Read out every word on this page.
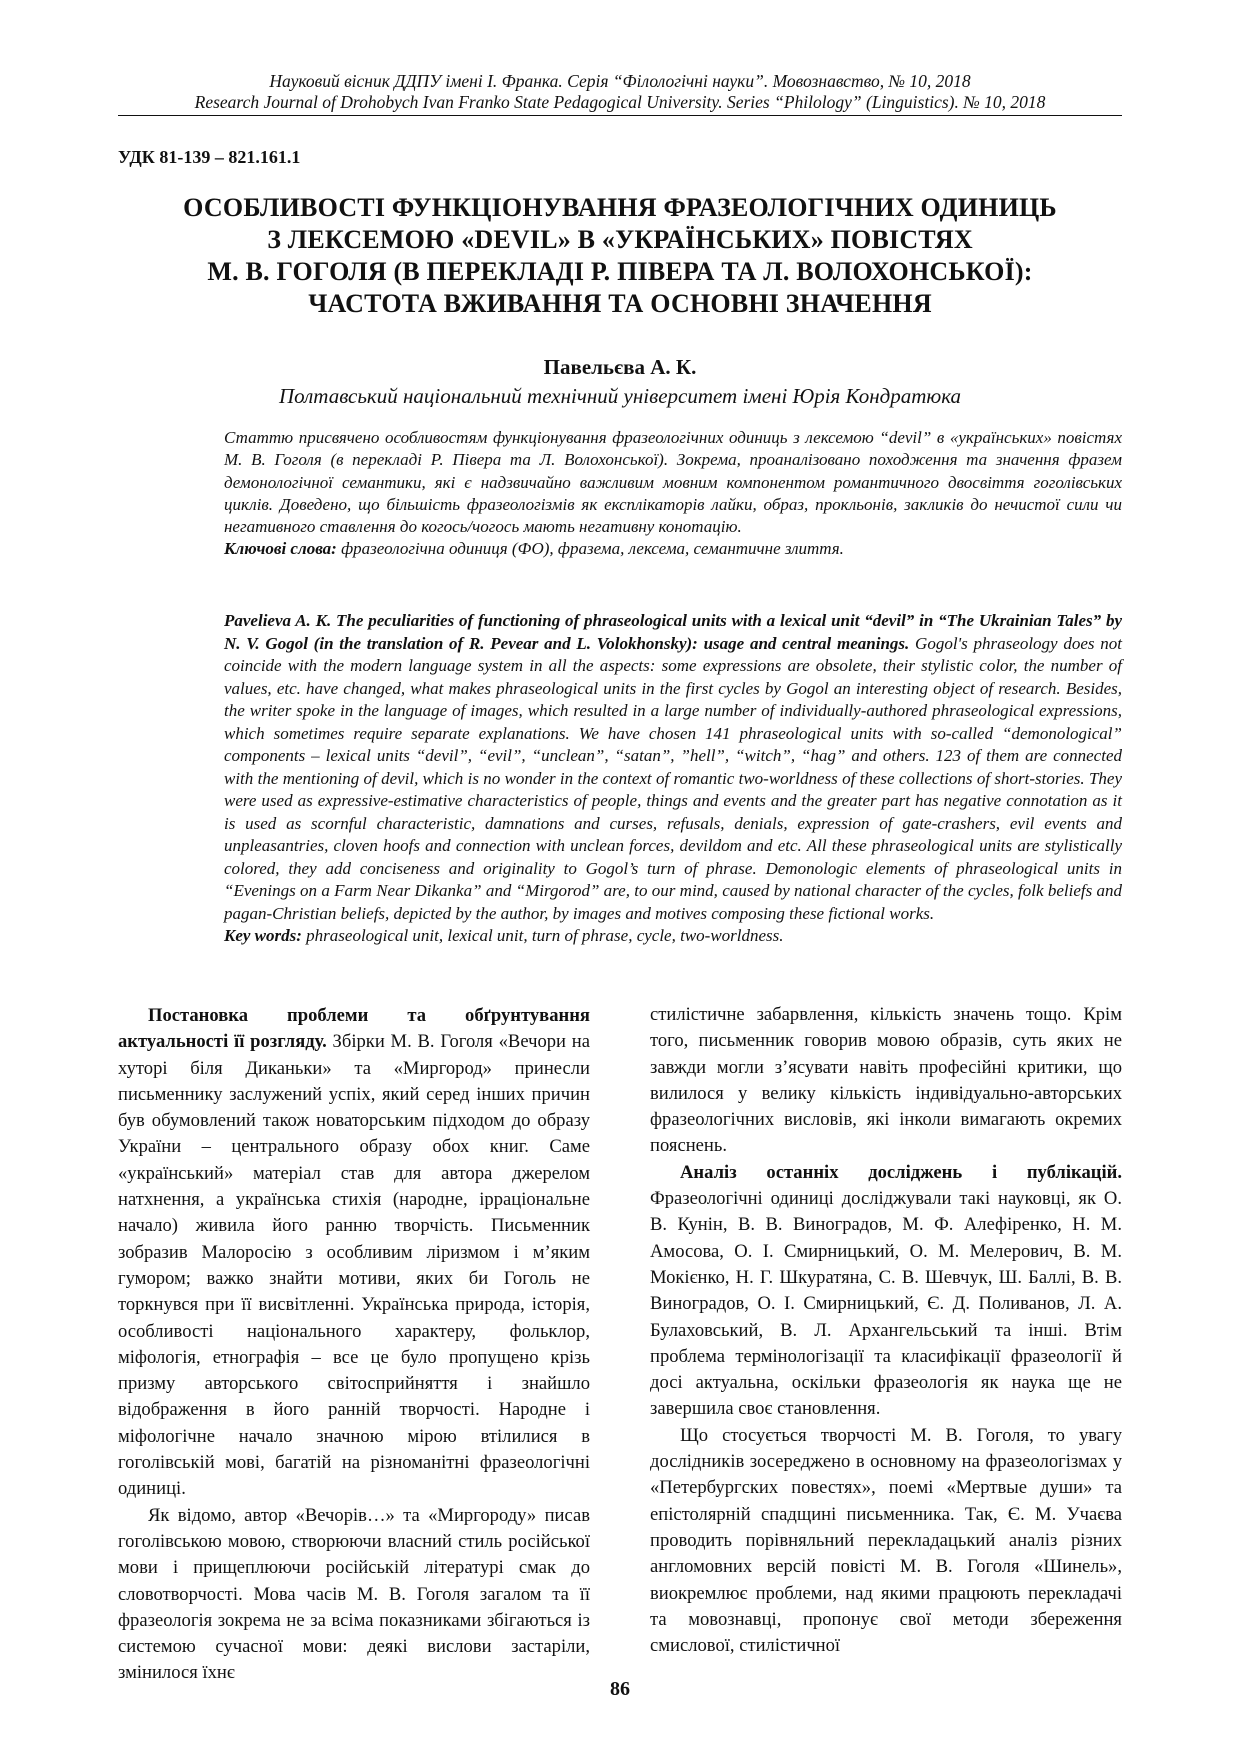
Науковий вісник ДДПУ імені І. Франка. Серія “Філологічні науки”. Мовознавство, № 10, 2018
Research Journal of Drohobych Ivan Franko State Pedagogical University. Series “Philology” (Linguistics). № 10, 2018
УДК 81-139 – 821.161.1
ОСОБЛИВОСТІ ФУНКЦІОНУВАННЯ ФРАЗЕОЛОГІЧНИХ ОДИНИЦЬ
З ЛЕКСЕМОЮ «DEVIL» В «УКРАЇНСЬКИХ» ПОВІСТЯХ
М. В. ГОГОЛЯ (В ПЕРЕКЛАДІ Р. ПІВЕРА ТА Л. ВОЛОХОНСЬКОЇ):
ЧАСТОТА ВЖИВАННЯ ТА ОСНОВНІ ЗНАЧЕННЯ
Павельєва А. К.
Полтавський національний технічний університет імені Юрія Кондратюка
Статтю присвячено особливостям функціонування фразеологічних одиниць з лексемою “devil” в «українських» повістях М. В. Гоголя (в перекладі Р. Півера та Л. Волохонської). Зокрема, проаналізовано походження та значення фразем демонологічної семантики, які є надзвичайно важливим мовним компонентом романтичного двосвіття гоголівських циклів. Доведено, що більшість фразеологізмів як експлікаторів лайки, образ, прокльонів, закликів до нечистої сили чи негативного ставлення до когось/чогось мають негативну конотацію.
Ключові слова: фразеологічна одиниця (ФО), фразема, лексема, семантичне злиття.
Pavelieva A. K. The peculiarities of functioning of phraseological units with a lexical unit “devil” in “The Ukrainian Tales” by N. V. Gogol (in the translation of R. Pevear and L. Volokhonsky): usage and central meanings. Gogol's phraseology does not coincide with the modern language system in all the aspects: some expressions are obsolete, their stylistic color, the number of values, etc. have changed, what makes phraseological units in the first cycles by Gogol an interesting object of research. Besides, the writer spoke in the language of images, which resulted in a large number of individually-authored phraseological expressions, which sometimes require separate explanations. We have chosen 141 phraseological units with so-called “demonological” components – lexical units “devil”, “evil”, “unclean”, “satan”, ”hell”, “witch”, “hag” and others. 123 of them are connected with the mentioning of devil, which is no wonder in the context of romantic two-worldness of these collections of short-stories. They were used as expressive-estimative characteristics of people, things and events and the greater part has negative connotation as it is used as scornful characteristic, damnations and curses, refusals, denials, expression of gate-crashers, evil events and unpleasantries, cloven hoofs and connection with unclean forces, devildom and etc. All these phraseological units are stylistically colored, they add conciseness and originality to Gogol’s turn of phrase. Demonologic elements of phraseological units in “Evenings on a Farm Near Dikanka” and “Mirgorod” are, to our mind, caused by national character of the cycles, folk beliefs and pagan-Christian beliefs, depicted by the author, by images and motives composing these fictional works.
Key words: phraseological unit, lexical unit, turn of phrase, cycle, two-worldness.

Постановка проблеми та обґрунтування актуальності її розгляду. Збірки М. В. Гоголя «Вечори на хуторі біля Диканьки» та «Миргород» принесли письменнику заслужений успіх, який серед інших причин був обумовлений також новаторським підходом до образу України – центрального образу обох книг. Саме «український» матеріал став для автора джерелом натхнення, а українська стихія (народне, ірраціональне начало) живила його ранню творчість. Письменник зобразив Малоросію з особливим ліризмом і м’яким гумором; важко знайти мотиви, яких би Гоголь не торкнувся при її висвітленні. Українська природа, історія, особливості національного характеру, фольклор, міфологія, етнографія – все це було пропущено крізь призму авторського світосприйняття і знайшло відображення в його ранній творчості. Народне і міфологічне начало значною мірою втілилися в гоголівській мові, багатій на різноманітні фразеологічні одиниці.

Як відомо, автор «Вечорів…» та «Миргороду» писав гоголівською мовою, створюючи власний стиль російської мови і прищеплюючи російській літературі смак до словотворчості. Мова часів М. В. Гоголя загалом та її фразеологія зокрема не за всіма показниками збігаються із системою сучасної мови: деякі вислови застаріли, змінилося їхнє

стилістичне забарвлення, кількість значень тощо. Крім того, письменник говорив мовою образів, суть яких не завжди могли з’ясувати навіть професійні критики, що вилилося у велику кількість індивідуально-авторських фразеологічних висловів, які інколи вимагають окремих пояснень.

Аналіз останніх досліджень і публікацій. Фразеологічні одиниці досліджували такі науковці, як О. В. Кунін, В. В. Виноградов, М. Ф. Алефіренко, Н. М. Амосова, О. І. Смирницький, О. М. Мелерович, В. М. Мокієнко, Н. Г. Шкуратяна, С. В. Шевчук, Ш. Баллі, В. В. Виноградов, О. І. Смирницький, Є. Д. Поливанов, Л. А. Булаховський, В. Л. Архангельський та інші. Втім проблема термінологізації та класифікації фразеології й досі актуальна, оскільки фразеологія як наука ще не завершила своє становлення.

Що стосується творчості М. В. Гоголя, то увагу дослідників зосереджено в основному на фразеологізмах у «Петербургских повестях», поемі «Мертвые души» та епістолярній спадщині письменника. Так, Є. М. Учаєва проводить порівняльний перекладацький аналіз різних англомовних версій повісті М. В. Гоголя «Шинель», виокремлює проблеми, над якими працюють перекладачі та мовознавці, пропонує свої методи збереження смислової, стилістичної

86
